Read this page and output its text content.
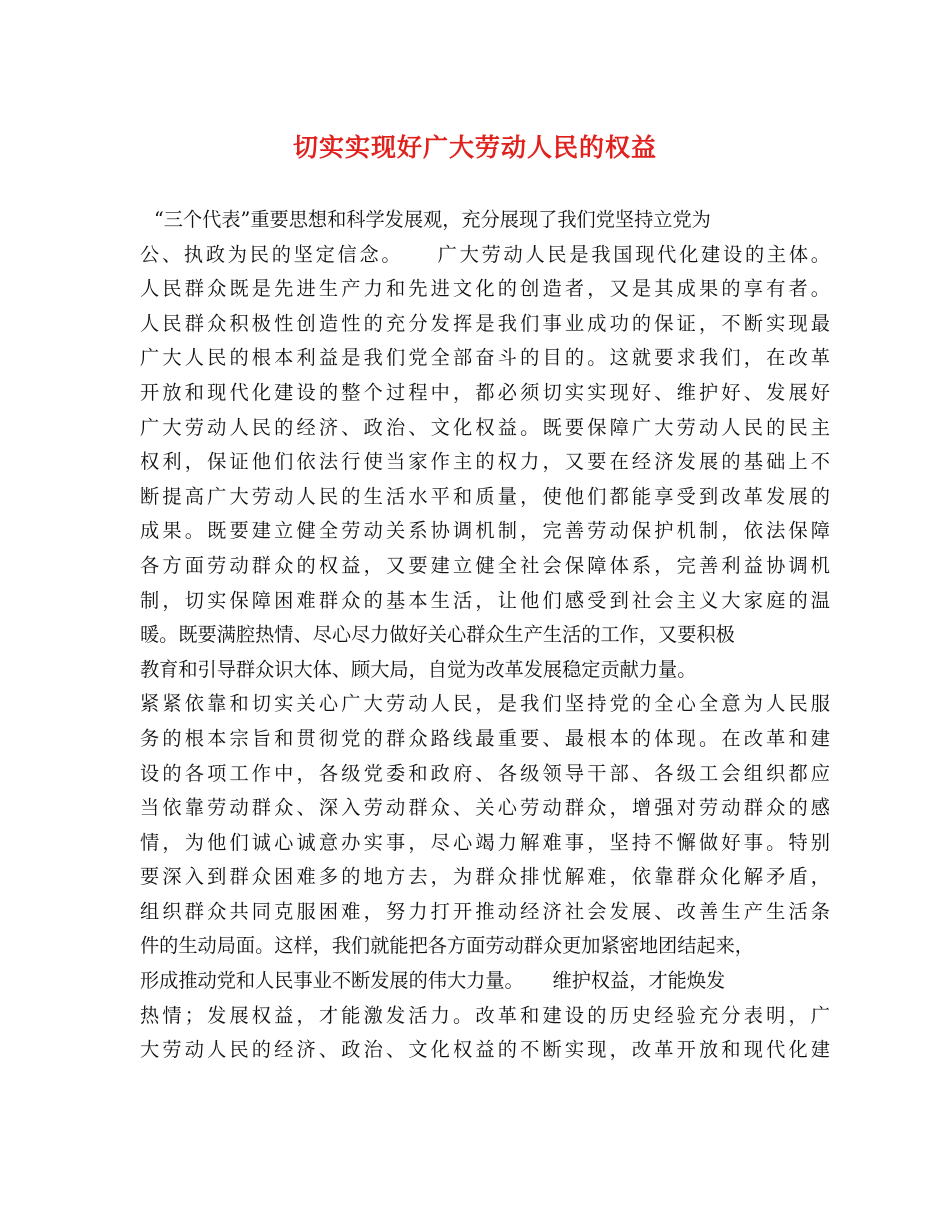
切实实现好广大劳动人民的权益
“三个代表”重要思想和科学发展观，充分展现了我们党坚持立党为
公、执政为民的坚定信念。　　广大劳动人民是我国现代化建设的主体。
人民群众既是先进生产力和先进文化的创造者，又是其成果的享有者。
人民群众积极性创造性的充分发挥是我们事业成功的保证，不断实现最
广大人民的根本利益是我们党全部奋斗的目的。这就要求我们，在改革
开放和现代化建设的整个过程中，都必须切实实现好、维护好、发展好
广大劳动人民的经济、政治、文化权益。既要保障广大劳动人民的民主
权利，保证他们依法行使当家作主的权力，又要在经济发展的基础上不
断提高广大劳动人民的生活水平和质量，使他们都能享受到改革发展的
成果。既要建立健全劳动关系协调机制，完善劳动保护机制，依法保障
各方面劳动群众的权益，又要建立健全社会保障体系，完善利益协调机
制，切实保障困难群众的基本生活，让他们感受到社会主义大家庭的温
暖。既要满腔热情、尽心尽力做好关心群众生产生活的工作，又要积极
教育和引导群众识大体、顾大局，自觉为改革发展稳定贡献力量。
紧紧依靠和切实关心广大劳动人民，是我们坚持党的全心全意为人民服
务的根本宗旨和贯彻党的群众路线最重要、最根本的体现。在改革和建
设的各项工作中，各级党委和政府、各级领导干部、各级工会组织都应
当依靠劳动群众、深入劳动群众、关心劳动群众，增强对劳动群众的感
情，为他们诚心诚意办实事，尽心竭力解难事，坚持不懈做好事。特别
要深入到群众困难多的地方去，为群众排忧解难，依靠群众化解矛盾，
组织群众共同克服困难，努力打开推动经济社会发展、改善生产生活条
件的生动局面。这样，我们就能把各方面劳动群众更加紧密地团结起来，
形成推动党和人民事业不断发展的伟大力量。　　维护权益，才能焕发
热情；发展权益，才能激发活力。改革和建设的历史经验充分表明，广
大劳动人民的经济、政治、文化权益的不断实现，改革开放和现代化建
